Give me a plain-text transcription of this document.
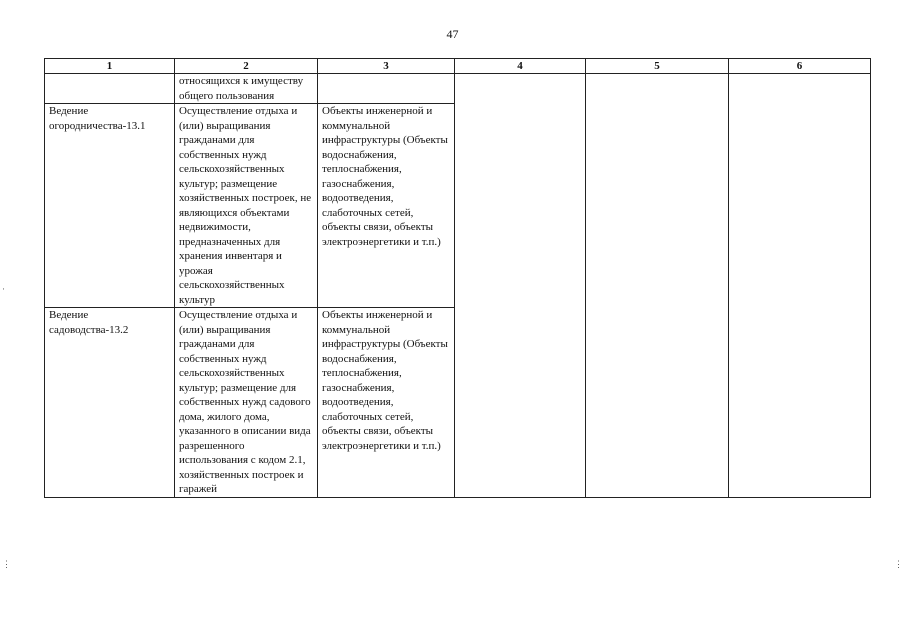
47
·
⋮	⋮
1	2	3	4	5	6
	относящихся к имуществу общего пользования				
Ведение огородничества-13.1	Осуществление отдыха и (или) выращивания гражданами для собственных нужд сельскохозяйственных культур; размещение хозяйственных построек, не являющихся объектами недвижимости, предназначенных для хранения инвентаря и урожая сельскохозяйственных культур	Объекты инженерной и коммунальной инфраструктуры (Объекты водоснабжения, теплоснабжения, газоснабжения, водоотведения, слаботочных сетей, объекты связи, объекты электроэнергетики и т.п.)			
Ведение садоводства-13.2	Осуществление отдыха и (или) выращивания гражданами для собственных нужд сельскохозяйственных культур; размещение для собственных нужд садового дома, жилого дома, указанного в описании вида разрешенного использования с кодом 2.1, хозяйственных построек и гаражей	Объекты инженерной и коммунальной инфраструктуры (Объекты водоснабжения, теплоснабжения, газоснабжения, водоотведения, слаботочных сетей, объекты связи, объекты электроэнергетики и т.п.)			
